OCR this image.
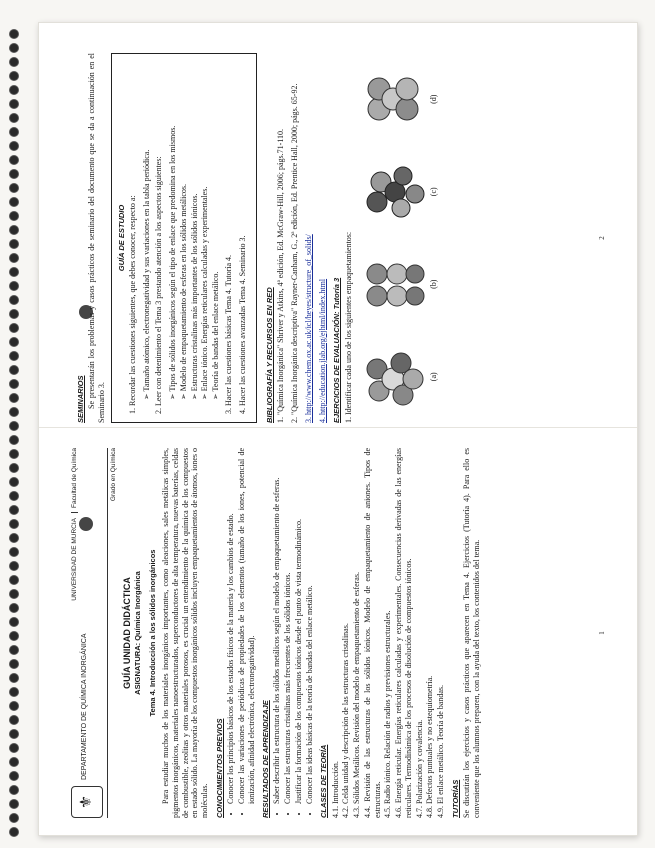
⚜
DEPARTAMENTO DE QUÍMICA INORGÁNICA
UNIVERSIDAD DE MURCIA
Facultad de Química	Grado en Química
GUÍA UNIDAD DIDÁCTICA ASIGNATURA: Química Inorgánica Tema 4. Introducción a los sólidos inorgánicos Para estudiar muchos de los materiales inorgánicos importantes, como aleaciones, sales metálicas simples, pigmentos inorgánicos, materiales nanoestructurados, superconductores de alta temperatura, nuevas baterías, celdas de combustible, zeolitas y otros materiales porosos, es crucial un entendimiento de la química de los compuestos en estado sólido. La mayoría de los compuestos inorgánicos sólidos incluyen empaquetamientos de átomos, iones o moléculas. CONOCIMIENTOS PREVIOS • Conocer los principios básicos de los estados físicos de la materia y los cambios de estado. • Conocer las variaciones de periódicas de propiedades de los elementos (tamaño de los iones, potencial de ionización, afinidad electrónica, electronegatividad). RESULTADOS DE APRENDIZAJE • Saber describir la estructura de los sólidos metálicos según el modelo de empaquetamiento de esferas. • Conocer las estructuras cristalinas más frecuentes de los sólidos iónicos. • Justificar la formación de los compuestos iónicos desde el punto de vista termodinámico. • Conocer las ideas básicas de la teoría de bandas del enlace metálico. CLASES DE TEORÍA 4.1. Introducción. 4.2. Celda unidad y descripción de las estructuras cristalinas. 4.3. Sólidos Metálicos. Revisión del modelo de empaquetamiento de esferas. 4.4. Revisión de las estructuras de los sólidos iónicos. Modelo de empaquetamiento de aniones. Tipos de estructuras. 4.5. Radio iónico. Relación de radios y previsiones estructurales. 4.6. Energía reticular. Energías reticulares calculadas y experimentales. Consecuencias derivadas de las energías reticulares. Termodinámica de los procesos de disolución de compuestos iónicos. 4.7. Polarización y covalencia. 4.8. Defectos puntuales y no estequiometría. 4.9. El enlace metálico. Teoría de bandas. TUTORÍAS Se discutirán los ejercicios y casos prácticos que aparecen en Tema 4. Ejercicios (Tutoría 4). Para ello es conveniente que los alumnos preparen, con la ayuda del texto, los contenidos del tema.	1
SEMINARIOS Se presentarán los problemas y casos prácticos de seminario del documento que se da a continuación en el Seminario 3.

GUÍA DE ESTUDIO 1. Recordar las cuestiones siguientes, que debes conocer, respecto a: ➢ Tamaño atómico, electronegatividad y sus variaciones en la tabla periódica. 2. Leer con detenimiento el Tema 3 prestando atención a los aspectos siguientes: ➢ Tipos de sólidos inorgánicos según el tipo de enlace que predomina en los mismos. ➢ Modelo de empaquetamiento de esferas en los sólidos metálicos. ➢ Estructuras cristalinas más importantes de los sólidos iónicos. ➢ Enlace iónico. Energías reticulares calculadas y experimentales. ➢ Teoría de bandas del enlace metálico. 3. Hacer las cuestiones básicas Tema 4. Tutoría 4. 4. Hacer las cuestiones avanzadas Tema 4. Seminario 3.	BIBLIOGRAFÍA Y RECURSOS EN RED 1. "Química Inorgánica" Shriver y Atkins, 4ª edición, Ed. McGraw-Hill, 2006; págs.71-110. 2. "Química Inorgánica descriptiva" Rayner-Canham, G., 2ª edición, Ed. Prentice Hall, 2000; págs. 65-92. 3. http://www.chem.ox.ac.uk/icl/heyes/structure_of_solids/ 4. http://education.jlab.org/ejhtml/index.html EJERCICIOS DE EVALUACIÓN: Tutoría 3 1. Identificar cada uno de los siguientes empaquetamientos:	(a)
(b)
(c)
(d)
2
